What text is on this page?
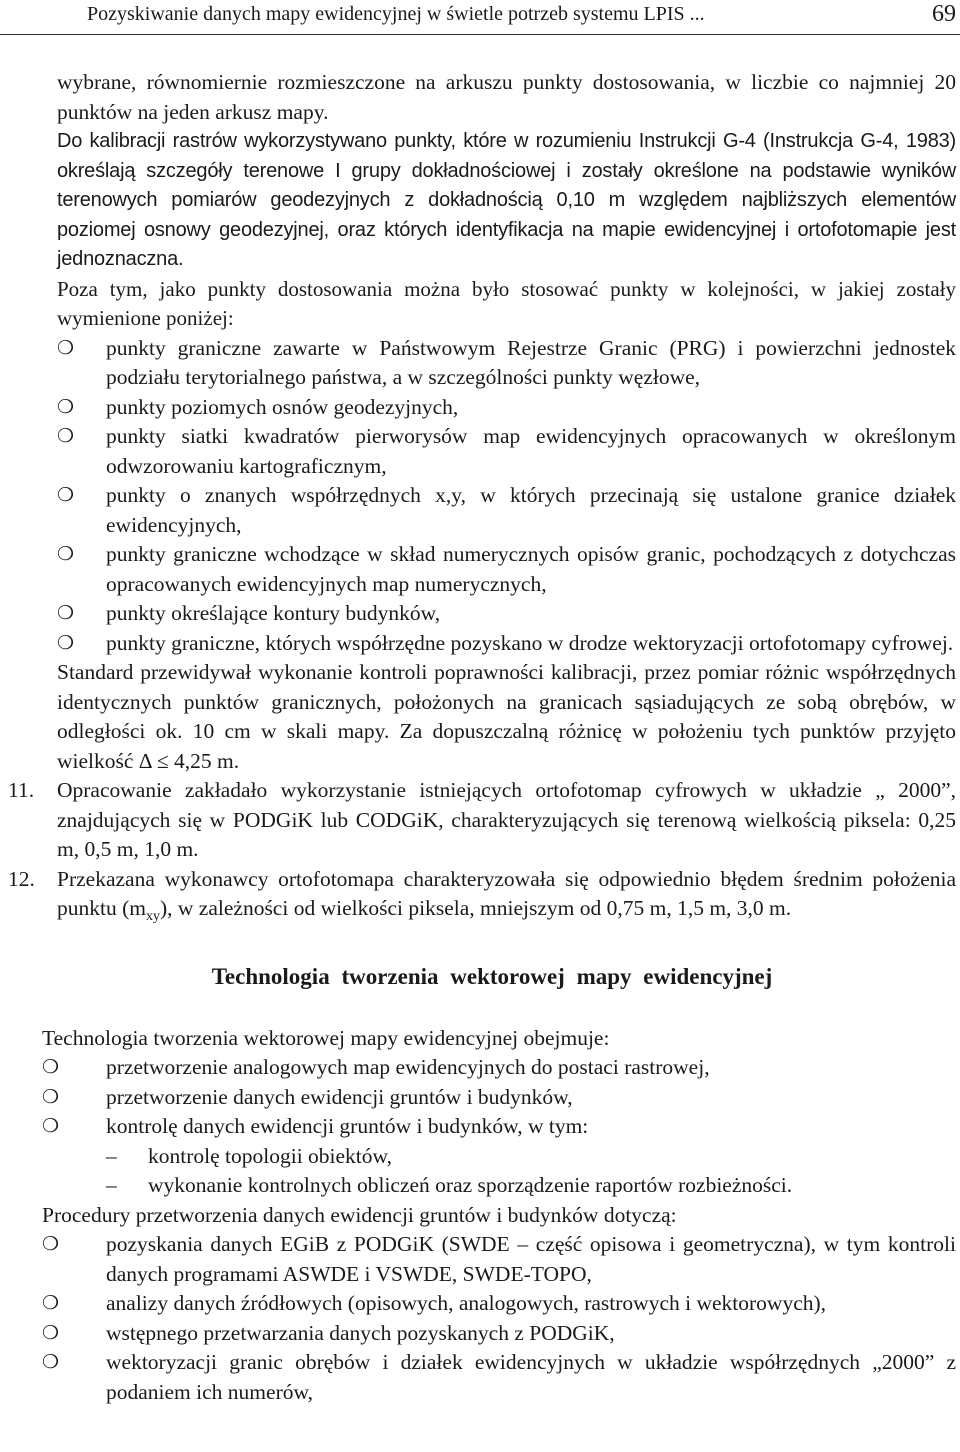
Pozyskiwanie danych mapy ewidencyjnej w świetle potrzeb systemu LPIS ...	69

wybrane, równomiernie rozmieszczone na arkuszu punkty dostosowania, w liczbie co najmniej 20 punktów na jeden arkusz mapy.

Do kalibracji rastrów wykorzystywano punkty, które w rozumieniu Instrukcji G-4 (Instrukcja G-4, 1983) określają szczegóły terenowe I grupy dokładnościowej i zostały określone na podstawie wyników terenowych pomiarów geodezyjnych z dokładnością 0,10 m względem najbliższych elementów poziomej osnowy geodezyjnej, oraz których identyfikacja na mapie ewidencyjnej i ortofotomapie jest jednoznaczna.

Poza tym, jako punkty dostosowania można było stosować punkty w kolejności, w jakiej zostały wymienione poniżej:

❍ punkty graniczne zawarte w Państwowym Rejestrze Granic (PRG) i powierzchni jednostek podziału terytorialnego państwa, a w szczególności punkty węzłowe,
❍ punkty poziomych osnów geodezyjnych,
❍ punkty siatki kwadratów pierworysów map ewidencyjnych opracowanych w określonym odwzorowaniu kartograficznym,
❍ punkty o znanych współrzędnych x,y, w których przecinają się ustalone granice działek ewidencyjnych,
❍ punkty graniczne wchodzące w skład numerycznych opisów granic, pochodzących z dotychczas opracowanych ewidencyjnych map numerycznych,
❍ punkty określające kontury budynków,
❍ punkty graniczne, których współrzędne pozyskano w drodze wektoryzacji ortofotomapy cyfrowej.

Standard przewidywał wykonanie kontroli poprawności kalibracji, przez pomiar różnic współrzędnych identycznych punktów granicznych, położonych na granicach sąsiadujących ze sobą obrębów, w odległości ok. 10 cm w skali mapy. Za dopuszczalną różnicę w położeniu tych punktów przyjęto wielkość Δ ≤ 4,25 m.

11. Opracowanie zakładało wykorzystanie istniejących ortofotomap cyfrowych w układzie „ 2000”, znajdujących się w PODGiK lub CODGiK, charakteryzujących się terenową wielkością piksela: 0,25 m, 0,5 m, 1,0 m.
12. Przekazana wykonawcy ortofotomapa charakteryzowała się odpowiednio błędem średnim położenia punktu $(m_{xy})$, w zależności od wielkości piksela, mniejszym od 0,75 m, 1,5 m, 3,0 m.
Technologia tworzenia wektorowej mapy ewidencyjnej

Technologia tworzenia wektorowej mapy ewidencyjnej obejmuje:

❍ przetworzenie analogowych map ewidencyjnych do postaci rastrowej,
❍ przetworzenie danych ewidencji gruntów i budynków,
❍ kontrolę danych ewidencji gruntów i budynków, w tym:
– kontrolę topologii obiektów,
– wykonanie kontrolnych obliczeń oraz sporządzenie raportów rozbieżności.

Procedury przetworzenia danych ewidencji gruntów i budynków dotyczą:

❍ pozyskania danych EGiB z PODGiK (SWDE – część opisowa i geometryczna), w tym kontroli danych programami ASWDE i VSWDE, SWDE-TOPO,
❍ analizy danych źródłowych (opisowych, analogowych, rastrowych i wektorowych),
❍ wstępnego przetwarzania danych pozyskanych z PODGiK,
❍ wektoryzacji granic obrębów i działek ewidencyjnych w układzie współrzędnych „2000” z podaniem ich numerów,
